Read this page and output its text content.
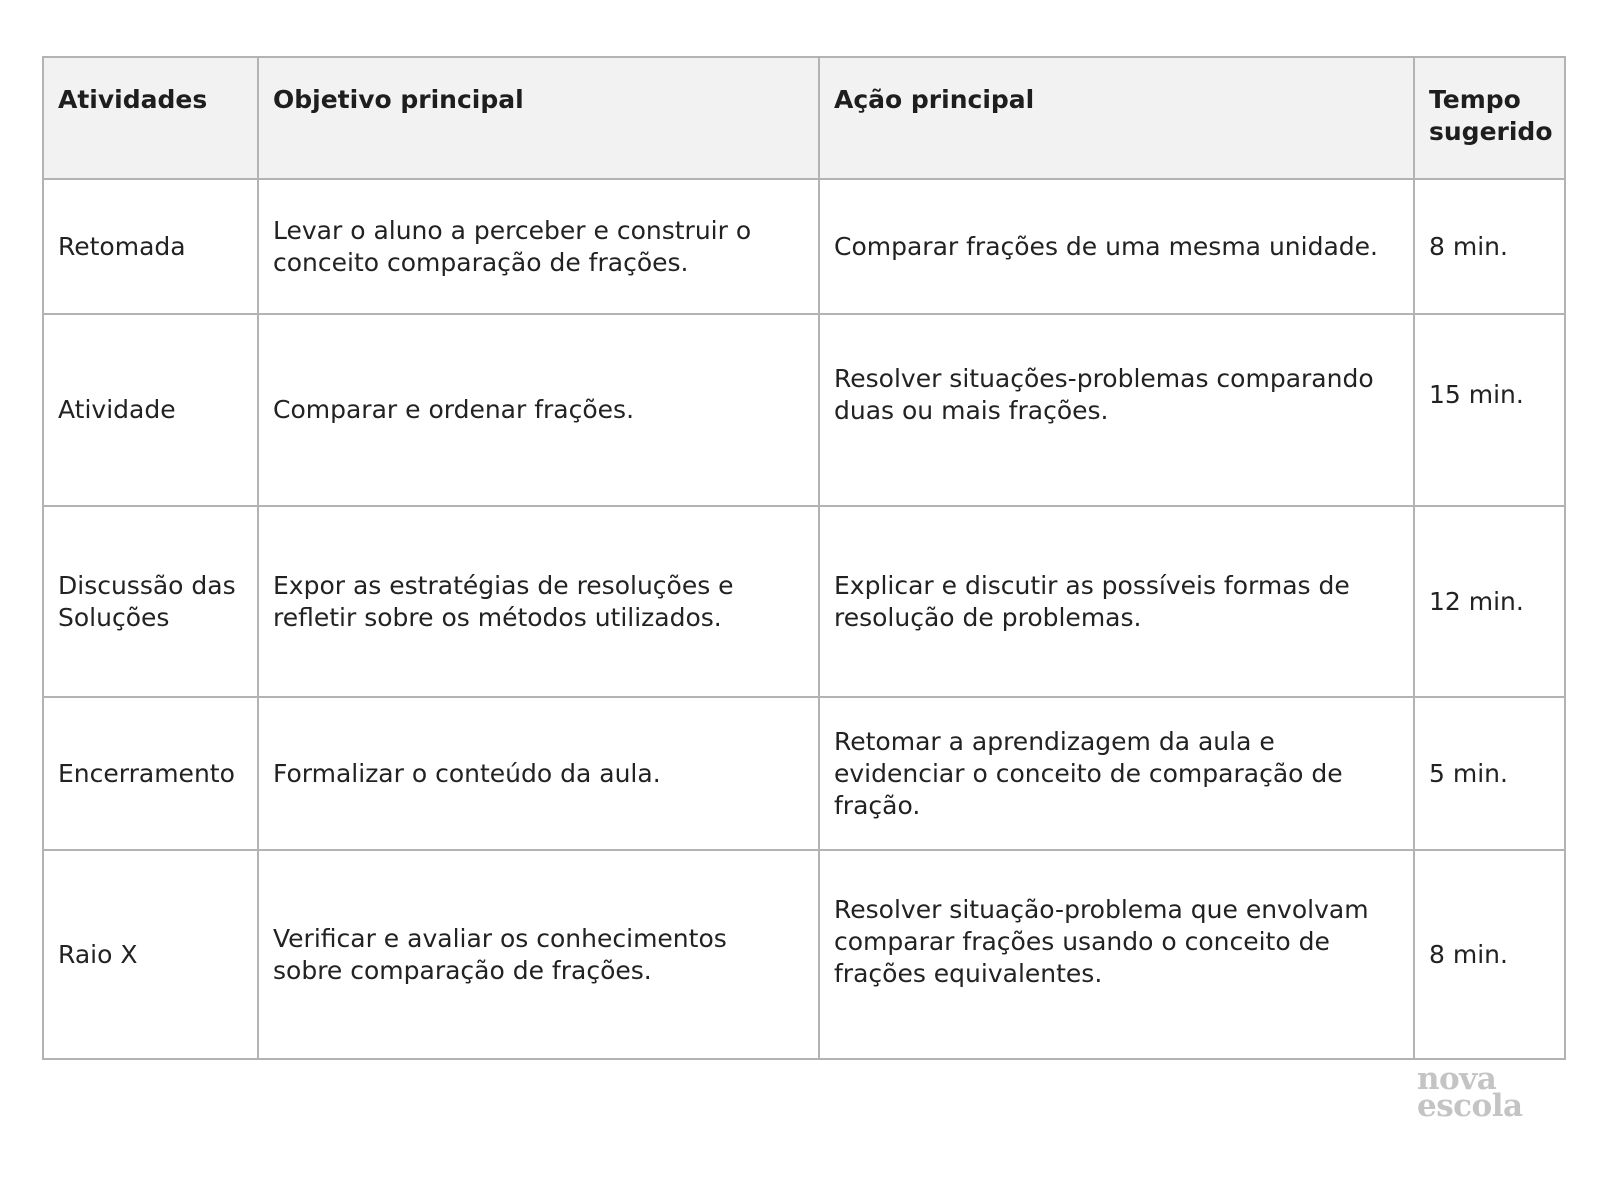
Atividades	Objetivo principal	Ação principal	Tempo sugerido
Retomada	Levar o aluno a perceber e construir o conceito comparação de frações.	Comparar frações de uma mesma unidade.	8 min.
Atividade	Comparar e ordenar frações.	Resolver situações-problemas comparando duas ou mais frações.	15 min.
Discussão das Soluções	Expor as estratégias de resoluções e refletir sobre os métodos utilizados.	Explicar e discutir as possíveis formas de resolução de problemas.	12 min.
Encerramento	Formalizar o conteúdo da aula.	Retomar a aprendizagem da aula e evidenciar o conceito de comparação de fração.	5 min.
Raio X	Verificar e avaliar os conhecimentos sobre comparação de frações.	Resolver situação-problema que envolvam comparar frações usando o conceito de frações equivalentes.	8 min.
nova
escola
